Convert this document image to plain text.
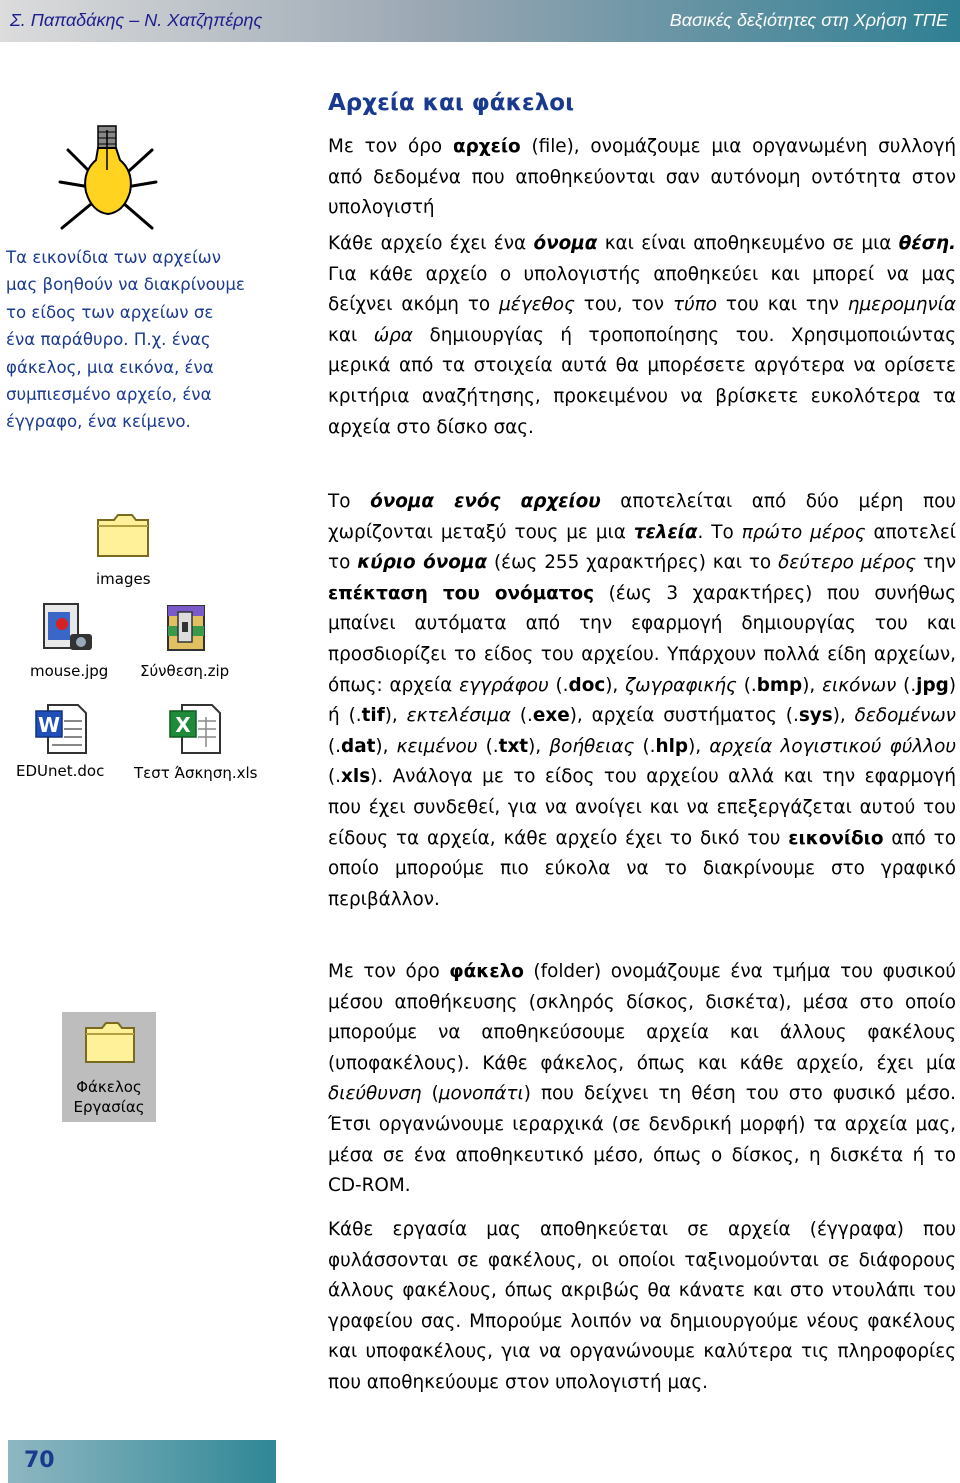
Σ. Παπαδάκης – Ν. Χατζηπέρης	Βασικές δεξιότητες στη Χρήση ΤΠΕ

Τα εικονίδια των αρχείων μας βοηθούν να διακρίνουμε το είδος των αρχείων σε ένα παράθυρο. Π.χ. ένας φάκελος, μια εικόνα, ένα συμπιεσμένο αρχείο, ένα έγγραφο, ένα κείμενο.

images
mouse.jpg Σύνθεση.zip
W
EDUnet.doc
X
Τεστ Άσκηση.xls
Φάκελος
Εργασίας
Αρχεία και φάκελοι

Με τον όρο αρχείο (file), ονομάζουμε μια οργανωμένη συλλογή από δεδομένα που αποθηκεύονται σαν αυτόνομη οντότητα στον υπολογιστή

Κάθε αρχείο έχει ένα όνομα και είναι αποθηκευμένο σε μια θέση. Για κάθε αρχείο ο υπολογιστής αποθηκεύει και μπορεί να μας δείχνει ακόμη το μέγεθος του, τον τύπο του και την ημερομηνία και ώρα δημιουργίας ή τροποποίησης του. Χρησιμοποιώντας μερικά από τα στοιχεία αυτά θα μπορέσετε αργότερα να ορίσετε κριτήρια αναζήτησης, προκειμένου να βρίσκετε ευκολότερα τα αρχεία στο δίσκο σας.

Το όνομα ενός αρχείου αποτελείται από δύο μέρη που χωρίζονται μεταξύ τους με μια τελεία. Το πρώτο μέρος αποτελεί το κύριο όνομα (έως 255 χαρακτήρες) και το δεύτερο μέρος την επέκταση του ονόματος (έως 3 χαρακτήρες) που συνήθως μπαίνει αυτόματα από την εφαρμογή δημιουργίας του και προσδιορίζει το είδος του αρχείου. Υπάρχουν πολλά είδη αρχείων, όπως: αρχεία εγγράφου (.doc), ζωγραφικής (.bmp), εικόνων (.jpg) ή (.tif), εκτελέσιμα (.exe), αρχεία συστήματος (.sys), δεδομένων (.dat), κειμένου (.txt), βοήθειας (.hlp), αρχεία λογιστικού φύλλου (.xls). Ανάλογα με το είδος του αρχείου αλλά και την εφαρμογή που έχει συνδεθεί, για να ανοίγει και να επεξεργάζεται αυτού του είδους τα αρχεία, κάθε αρχείο έχει το δικό του εικονίδιο από το οποίο μπορούμε πιο εύκολα να το διακρίνουμε στο γραφικό περιβάλλον.

Με τον όρο φάκελο (folder) ονομάζουμε ένα τμήμα του φυσικού μέσου αποθήκευσης (σκληρός δίσκος, δισκέτα), μέσα στο οποίο μπορούμε να αποθηκεύσουμε αρχεία και άλλους φακέλους (υποφακέλους). Κάθε φάκελος, όπως και κάθε αρχείο, έχει μία διεύθυνση (μονοπάτι) που δείχνει τη θέση του στο φυσικό μέσο. Έτσι οργανώνουμε ιεραρχικά (σε δενδρική μορφή) τα αρχεία μας, μέσα σε ένα αποθηκευτικό μέσο, όπως ο δίσκος, η δισκέτα ή το CD-ROM.

Κάθε εργασία μας αποθηκεύεται σε αρχεία (έγγραφα) που φυλάσσονται σε φακέλους, οι οποίοι ταξινομούνται σε διάφορους άλλους φακέλους, όπως ακριβώς θα κάνατε και στο ντουλάπι του γραφείου σας. Μπορούμε λοιπόν να δημιουργούμε νέους φακέλους και υποφακέλους, για να οργανώνουμε καλύτερα τις πληροφορίες που αποθηκεύουμε στον υπολογιστή μας.

70
